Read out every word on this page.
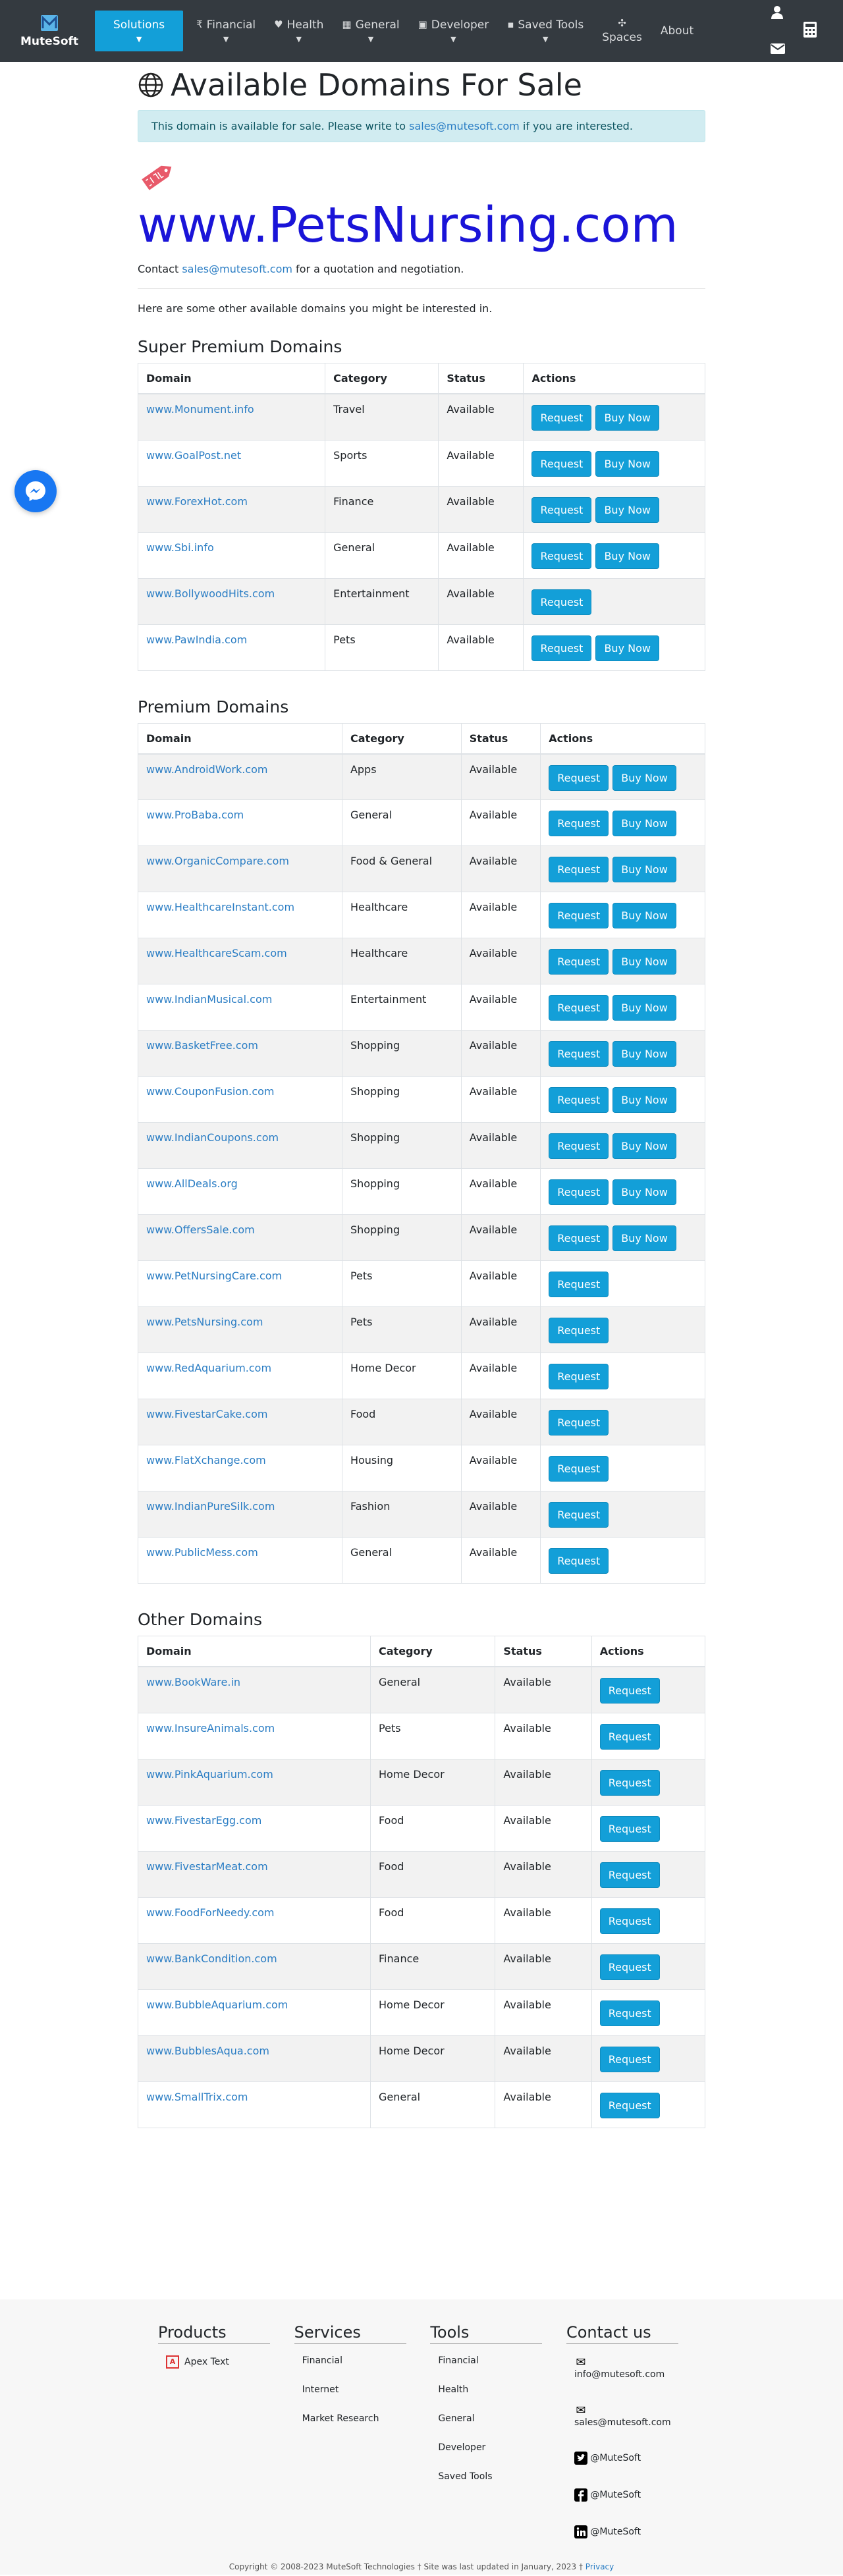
MuteSoft
Solutions
▼
₹ Financial
▼
♥ Health
▼
▦ General
▼
▣ Developer
▼
▪ Saved Tools
▼
✣
Spaces About
Available Domains For Sale
This domain is available for sale. Please write to sales@mutesoft.com if you are interested.
www.PetsNursing.com

Contact sales@mutesoft.com for a quotation and negotiation.

Here are some other available domains you might be interested in.

Super Premium Domains
Domain	Category	Status	Actions
www.Monument.info	Travel	Available	Request Buy Now
www.GoalPost.net	Sports	Available	Request Buy Now
www.ForexHot.com	Finance	Available	Request Buy Now
www.Sbi.info	General	Available	Request Buy Now
www.BollywoodHits.com	Entertainment	Available	Request
www.PawIndia.com	Pets	Available	Request Buy Now
Premium Domains
Domain	Category	Status	Actions
www.AndroidWork.com	Apps	Available	Request Buy Now
www.ProBaba.com	General	Available	Request Buy Now
www.OrganicCompare.com	Food & General	Available	Request Buy Now
www.HealthcareInstant.com	Healthcare	Available	Request Buy Now
www.HealthcareScam.com	Healthcare	Available	Request Buy Now
www.IndianMusical.com	Entertainment	Available	Request Buy Now
www.BasketFree.com	Shopping	Available	Request Buy Now
www.CouponFusion.com	Shopping	Available	Request Buy Now
www.IndianCoupons.com	Shopping	Available	Request Buy Now
www.AllDeals.org	Shopping	Available	Request Buy Now
www.OffersSale.com	Shopping	Available	Request Buy Now
www.PetNursingCare.com	Pets	Available	Request
www.PetsNursing.com	Pets	Available	Request
www.RedAquarium.com	Home Decor	Available	Request
www.FivestarCake.com	Food	Available	Request
www.FlatXchange.com	Housing	Available	Request
www.IndianPureSilk.com	Fashion	Available	Request
www.PublicMess.com	General	Available	Request
Other Domains
Domain	Category	Status	Actions
www.BookWare.in	General	Available	Request
www.InsureAnimals.com	Pets	Available	Request
www.PinkAquarium.com	Home Decor	Available	Request
www.FivestarEgg.com	Food	Available	Request
www.FivestarMeat.com	Food	Available	Request
www.FoodForNeedy.com	Food	Available	Request
www.BankCondition.com	Finance	Available	Request
www.BubbleAquarium.com	Home Decor	Available	Request
www.BubblesAqua.com	Home Decor	Available	Request
www.SmallTrix.com	General	Available	Request
Products
A Apex Text
Services
Financial
Internet
Market Research
Tools
Financial
Health
General
Developer
Saved Tools
Contact us
✉
info@mutesoft.com
✉
sales@mutesoft.com
@MuteSoft
@MuteSoft
@MuteSoft
Copyright © 2008-2023 MuteSoft Technologies † Site was last updated in January, 2023 † Privacy
